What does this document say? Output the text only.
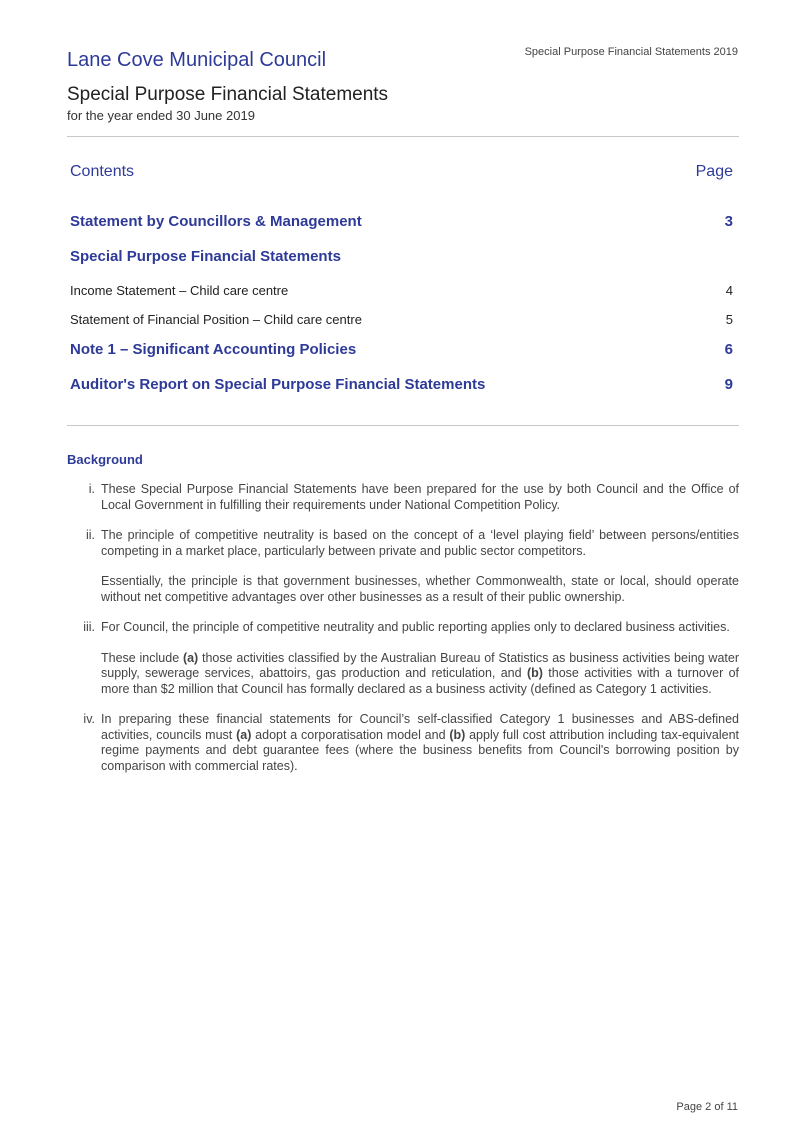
Lane Cove Municipal Council	Special Purpose Financial Statements 2019
Special Purpose Financial Statements
for the year ended 30 June 2019
Contents	Page
Statement by Councillors & Management	3
Special Purpose Financial Statements
Income Statement – Child care centre	4
Statement of Financial Position – Child care centre	5
Note 1 – Significant Accounting Policies	6
Auditor's Report on Special Purpose Financial Statements	9
Background
i. These Special Purpose Financial Statements have been prepared for the use by both Council and the Office of Local Government in fulfilling their requirements under National Competition Policy.

ii. The principle of competitive neutrality is based on the concept of a ‘level playing field’ between persons/entities competing in a market place, particularly between private and public sector competitors.

Essentially, the principle is that government businesses, whether Commonwealth, state or local, should operate without net competitive advantages over other businesses as a result of their public ownership.

iii. For Council, the principle of competitive neutrality and public reporting applies only to declared business activities.

These include (a) those activities classified by the Australian Bureau of Statistics as business activities being water supply, sewerage services, abattoirs, gas production and reticulation, and (b) those activities with a turnover of more than $2 million that Council has formally declared as a business activity (defined as Category 1 activities.

iv. In preparing these financial statements for Council’s self-classified Category 1 businesses and ABS-defined activities, councils must (a) adopt a corporatisation model and (b) apply full cost attribution including tax-equivalent regime payments and debt guarantee fees (where the business benefits from Council's borrowing position by comparison with commercial rates).

Page 2 of 11
